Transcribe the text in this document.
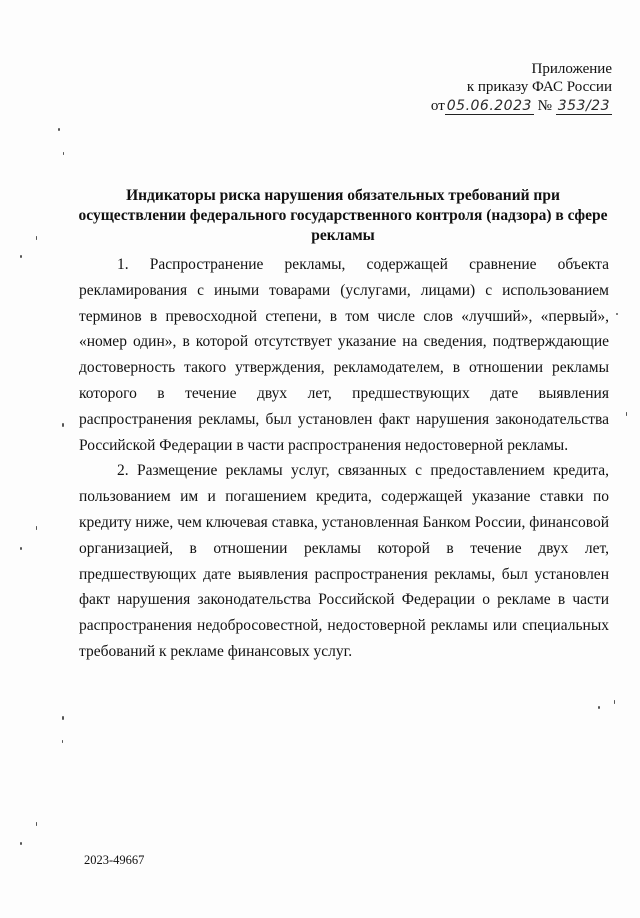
Приложение
к приказу ФАС России
от 05.06.2023 № 353/23
Индикаторы риска нарушения обязательных требований при осуществлении федерального государственного контроля (надзора) в сфере рекламы

1. Распространение рекламы, содержащей сравнение объекта рекламирования с иными товарами (услугами, лицами) с использованием терминов в превосходной степени, в том числе слов «лучший», «первый», «номер один», в которой отсутствует указание на сведения, подтверждающие достоверность такого утверждения, рекламодателем, в отношении рекламы которого в течение двух лет, предшествующих дате выявления распространения рекламы, был установлен факт нарушения законодательства Российской Федерации в части распространения недостоверной рекламы.

2. Размещение рекламы услуг, связанных с предоставлением кредита, пользованием им и погашением кредита, содержащей указание ставки по кредиту ниже, чем ключевая ставка, установленная Банком России, финансовой организацией, в отношении рекламы которой в течение двух лет, предшествующих дате выявления распространения рекламы, был установлен факт нарушения законодательства Российской Федерации о рекламе в части распространения недобросовестной, недостоверной рекламы или специальных требований к рекламе финансовых услуг.

2023-49667
